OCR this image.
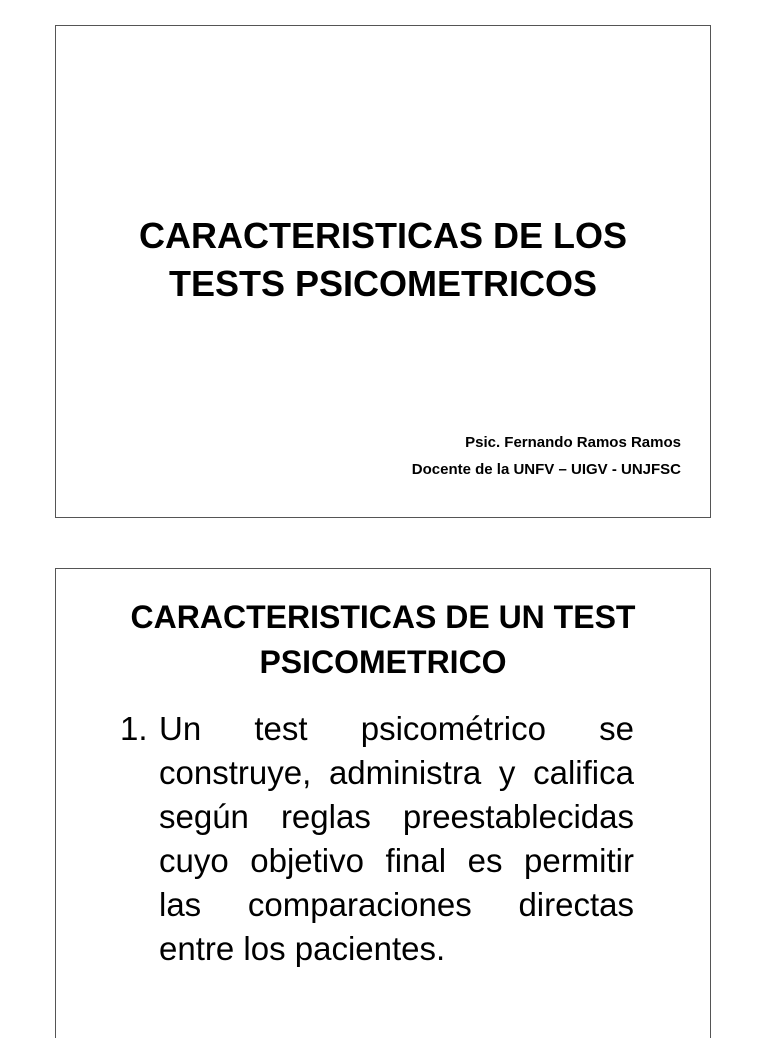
CARACTERISTICAS DE LOS
TESTS PSICOMETRICOS
Psic. Fernando Ramos Ramos
Docente de la UNFV – UIGV - UNJFSC
CARACTERISTICAS DE UN TEST
PSICOMETRICO
1. Un test psicométrico se construye, administra y califica según reglas preestablecidas cuyo objetivo final es permitir las comparaciones directas entre los pacientes.
